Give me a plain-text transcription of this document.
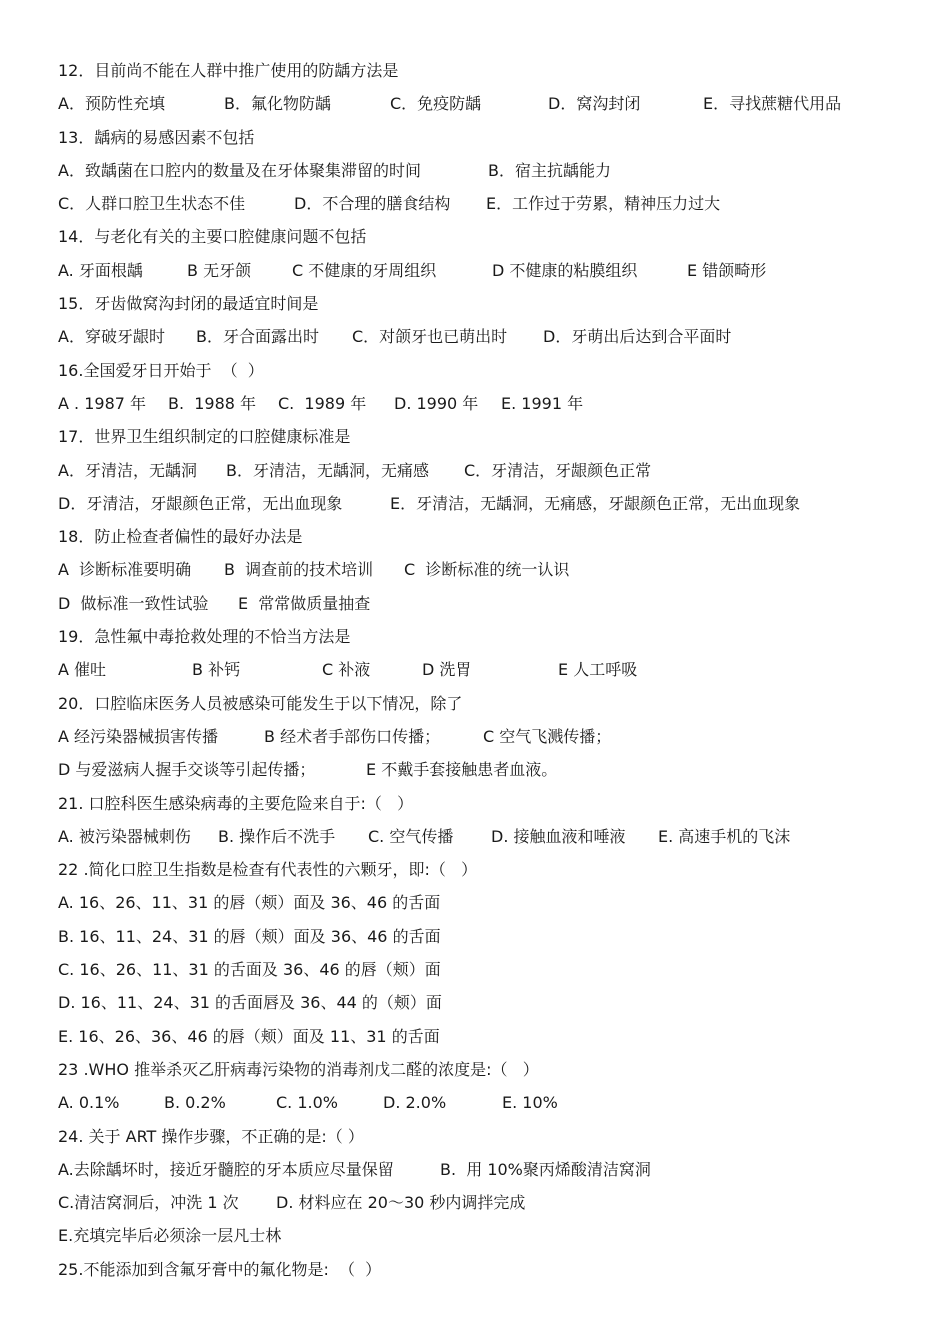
12．目前尚不能在人群中推广使用的防龋方法是
A．预防性充填	B．氟化物防龋	C．免疫防龋	D．窝沟封闭	E．寻找蔗糖代用品
13．龋病的易感因素不包括
A．致龋菌在口腔内的数量及在牙体聚集滞留的时间	B．宿主抗龋能力
C．人群口腔卫生状态不佳	D．不合理的膳食结构	E．工作过于劳累，精神压力过大
14．与老化有关的主要口腔健康问题不包括
A. 牙面根龋	B 无牙颌	C 不健康的牙周组织	D 不健康的粘膜组织	E 错颌畸形
15．牙齿做窝沟封闭的最适宜时间是
A．穿破牙龈时	B．牙合面露出时	C．对颌牙也已萌出时	D．牙萌出后达到合平面时
16.全国爱牙日开始于  （  ）
A . 1987 年	B.  1988 年	C.  1989 年	D. 1990 年	E. 1991 年
17．世界卫生组织制定的口腔健康标准是
A．牙清洁，无龋洞	B．牙清洁，无龋洞，无痛感	C．牙清洁，牙龈颜色正常
D．牙清洁，牙龈颜色正常，无出血现象	E．牙清洁，无龋洞，无痛感，牙龈颜色正常，无出血现象
18．防止检查者偏性的最好办法是
A  诊断标准要明确	B  调查前的技术培训	C  诊断标准的统一认识
D  做标准一致性试验	E  常常做质量抽查
19．急性氟中毒抢救处理的不恰当方法是
A 催吐	B 补钙	C 补液	D 洗胃	E 人工呼吸
20．口腔临床医务人员被感染可能发生于以下情况，除了
A 经污染器械损害传播	B 经术者手部伤口传播；	C 空气飞溅传播；
D 与爱滋病人握手交谈等引起传播；	E 不戴手套接触患者血液。
21. 口腔科医生感染病毒的主要危险来自于:（   ）
A. 被污染器械刺伤	B. 操作后不洗手	C. 空气传播	D. 接触血液和唾液	E. 高速手机的飞沫
22 .简化口腔卫生指数是检查有代表性的六颗牙，即:（   ）
A. 16、26、11、31 的唇（颊）面及 36、46 的舌面
B. 16、11、24、31 的唇（颊）面及 36、46 的舌面
C. 16、26、11、31 的舌面及 36、46 的唇（颊）面
D. 16、11、24、31 的舌面唇及 36、44 的（颊）面
E. 16、26、36、46 的唇（颊）面及 11、31 的舌面
23 .WHO 推举杀灭乙肝病毒污染物的消毒剂戊二醛的浓度是:（   ）
A. 0.1%	B. 0.2%	C. 1.0%	D. 2.0%	E. 10%
24. 关于 ART 操作步骤，不正确的是:（ ）
A.去除龋坏时，接近牙髓腔的牙本质应尽量保留	B.  用 10%聚丙烯酸清洁窝洞
C.清洁窝洞后，冲洗 1 次	D. 材料应在 20～30 秒内调拌完成
E.充填完毕后必须涂一层凡士林
25.不能添加到含氟牙膏中的氟化物是:  （  ）
